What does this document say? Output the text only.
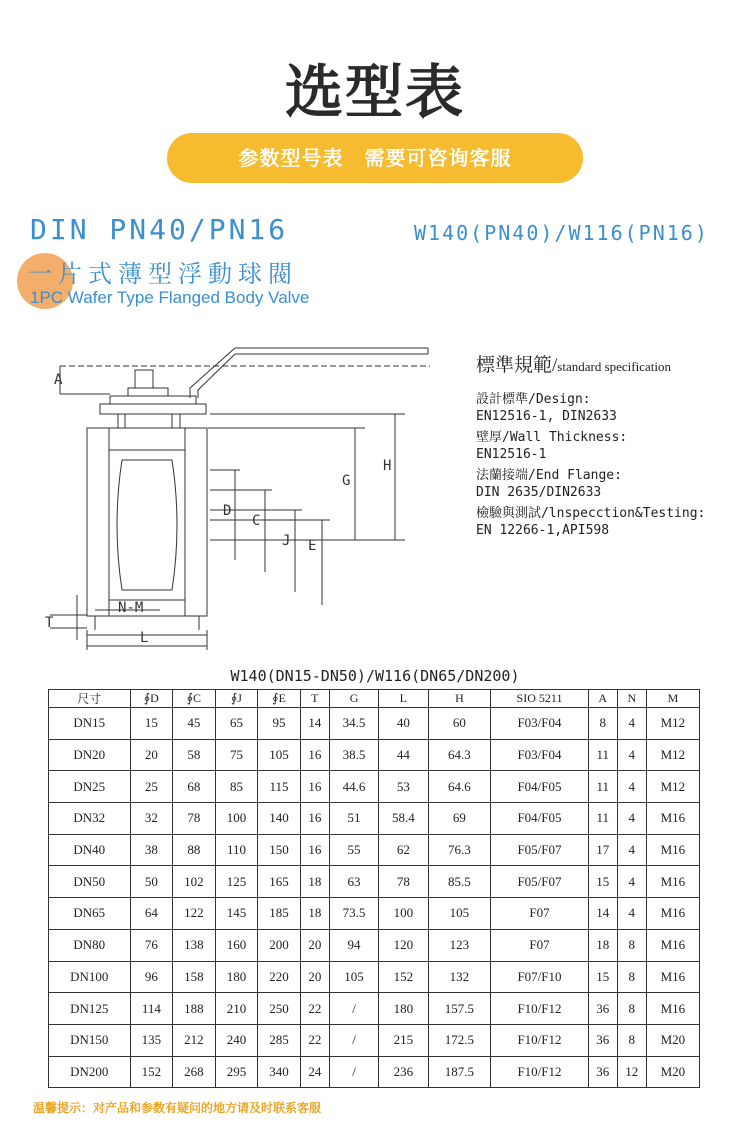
选型表
参数型号表　需要可咨询客服
DIN PN40/PN16	W140(PN40)/W116(PN16)
一片式薄型浮動球閥
1PC Wafer Type Flanged Body Valve
A
D
C
G
H
J E
T
L
N-M
標準規範/standard specification
設計標準/Design:
EN12516-1, DIN2633
壁厚/Wall Thickness:
EN12516-1
法蘭接端/End Flange:
DIN 2635/DIN2633
檢驗與測試/lnspecction&Testing:
EN 12266-1,API598
W140(DN15-DN50)/W116(DN65/DN200)
尺寸	∮D	∮C	∮J	∮E	T	G	L	H	SIO 5211	A	N	M
DN15	15	45	65	95	14	34.5	40	60	F03/F04	8	4	M12
DN20	20	58	75	105	16	38.5	44	64.3	F03/F04	11	4	M12
DN25	25	68	85	115	16	44.6	53	64.6	F04/F05	11	4	M12
DN32	32	78	100	140	16	51	58.4	69	F04/F05	11	4	M16
DN40	38	88	110	150	16	55	62	76.3	F05/F07	17	4	M16
DN50	50	102	125	165	18	63	78	85.5	F05/F07	15	4	M16
DN65	64	122	145	185	18	73.5	100	105	F07	14	4	M16
DN80	76	138	160	200	20	94	120	123	F07	18	8	M16
DN100	96	158	180	220	20	105	152	132	F07/F10	15	8	M16
DN125	114	188	210	250	22	/	180	157.5	F10/F12	36	8	M16
DN150	135	212	240	285	22	/	215	172.5	F10/F12	36	8	M20
DN200	152	268	295	340	24	/	236	187.5	F10/F12	36	12	M20
温馨提示：对产品和参数有疑问的地方请及时联系客服
